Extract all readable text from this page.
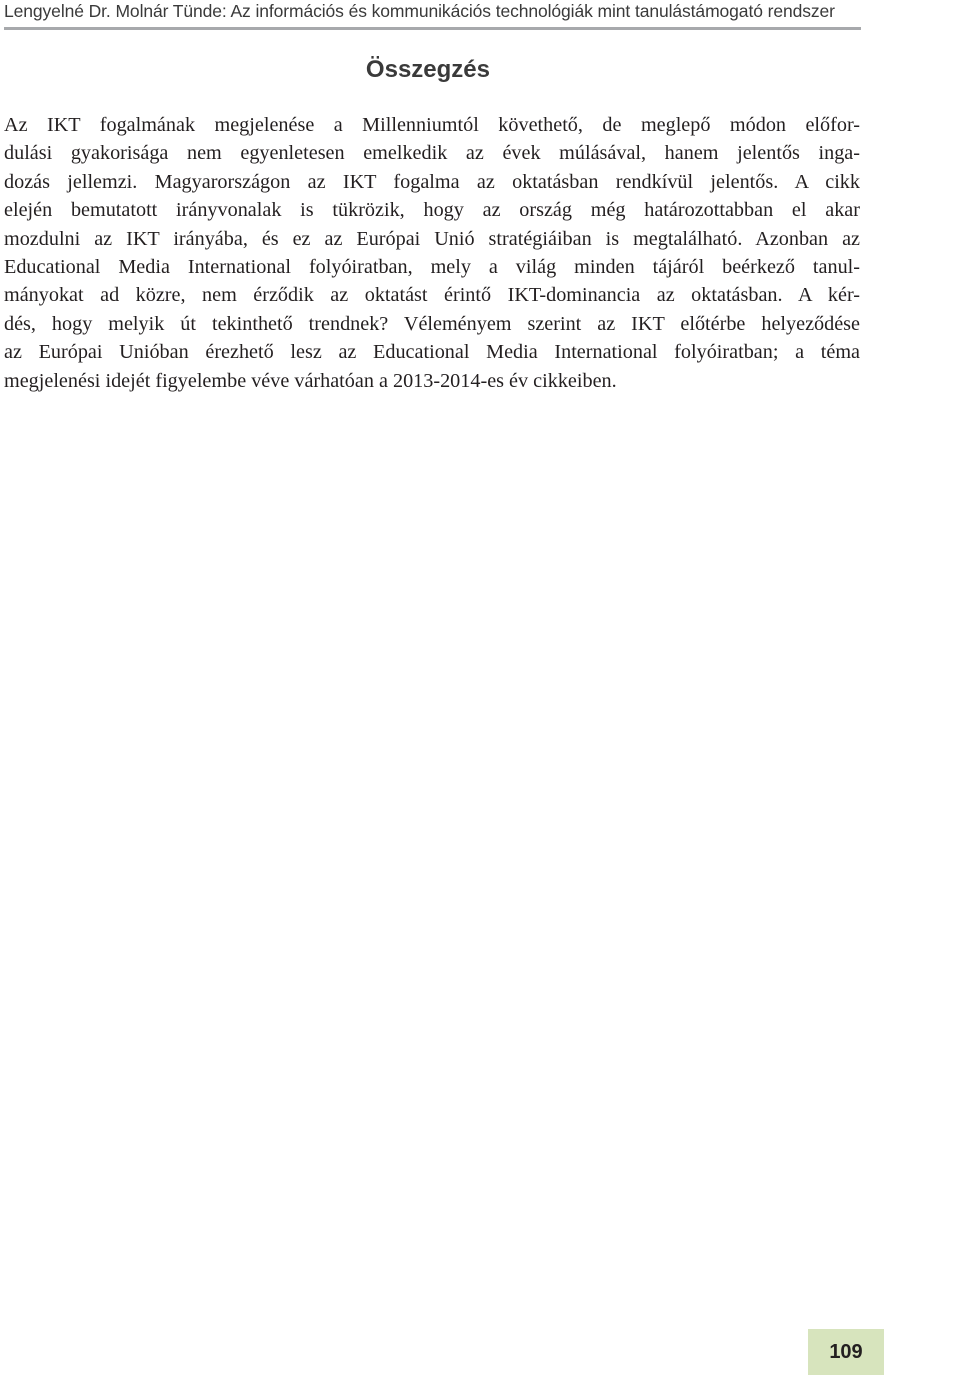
Lengyelné Dr. Molnár Tünde: Az információs és kommunikációs technológiák mint tanulástámogató rendszer
Összegzés
Az IKT fogalmának megjelenése a Millenniumtól követhető, de meglepő módon előfor-
dulási gyakorisága nem egyenletesen emelkedik az évek múlásával, hanem jelentős inga-
dozás jellemzi. Magyarországon az IKT fogalma az oktatásban rendkívül jelentős. A cikk
elején bemutatott irányvonalak is tükrözik, hogy az ország még határozottabban el akar
mozdulni az IKT irányába, és ez az Európai Unió stratégiáiban is megtalálható. Azonban az
Educational Media International folyóiratban, mely a világ minden tájáról beérkező tanul-
mányokat ad közre, nem érződik az oktatást érintő IKT-dominancia az oktatásban. A kér-
dés, hogy melyik út tekinthető trendnek? Véleményem szerint az IKT előtérbe helyeződése
az Európai Unióban érezhető lesz az Educational Media International folyóiratban; a téma
megjelenési idejét figyelembe véve várhatóan a 2013-2014-es év cikkeiben.
109
